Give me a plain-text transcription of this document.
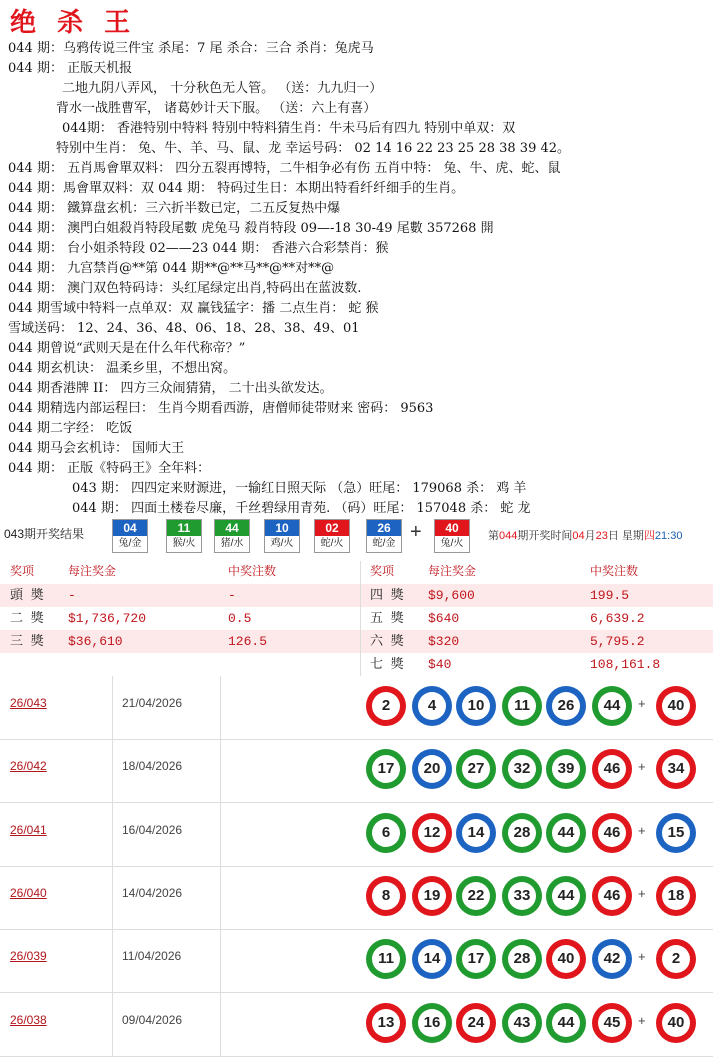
绝 杀 王
044 期：乌鸦传说三件宝 杀尾：7 尾 杀合：三合 杀肖：兔虎马
044 期： 正版天机报
二地九阴八弄风， 十分秋色无人管。 （送：九九归一）
背水一战胜曹军， 诸葛妙计天下服。 （送：六上有喜）
044期： 香港特别中特料 特别中特料猜生肖：牛未马后有四九 特别中单双：双
特别中生肖： 兔、牛、羊、马、鼠、龙 幸运号码： 02 14 16 22 23 25 28 38 39 42。
044 期： 五肖馬會單双料： 四分五裂再博特，二牛相争必有伤 五肖中特： 兔、牛、虎、蛇、鼠
044 期：馬會單双料：双 044 期： 特码过生日：本期出特看纤纤细手的生肖。
044 期： 鐵算盘玄机：三六折半数已定，二五反复热中爆
044 期： 澳門白姐殺肖特段尾數 虎兔马 殺肖特段 09—-18 30-49 尾數 357268 開
044 期： 台小姐杀特段 02——23 044 期： 香港六合彩禁肖：猴
044 期： 九宫禁肖@**第 044 期**@**马**@**对**@
044 期： 澳门双色特码诗：头红尾绿定出肖,特码出在蓝波数.
044 期雪域中特料一点单双：双 赢钱猛字：播 二点生肖： 蛇 猴
雪域送码： 12、24、36、48、06、18、28、38、49、01
044 期曾说“武则天是在什么年代称帝？”
044 期玄机诀： 温柔乡里，不想出窝。
044 期香港牌 II： 四方三众闹猜猜， 二十出头欲发达。
044 期精选内部运程曰： 生肖今期看西游，唐僧师徒带财来 密码： 9563
044 期二字经： 吃饭
044 期马会玄机诗： 国师大王
044 期： 正版《特码王》全年料：
043 期： 四四定来财源进，一输红日照天际 （急）旺尾： 179068 杀： 鸡 羊
044 期： 四面土楼卷尽廉，千丝碧绿用青苑. （码）旺尾： 157048 杀： 蛇 龙
043期开奖结果	04
兔/金
11
猴/火
44
猪/水
10
鸡/火
02
蛇/火
26
蛇/金
40
兔/火
+	第044期开奖时间04月23日 星期四21:30
奖项	每注奖金	中奖注数	奖项	每注奖金	中奖注数
頭 奬 -	-	四 獎 $9,600	199.5
二 獎 $1,736,720	0.5	五 獎 $640	6,639.2
三 獎 $36,610	126.5	六 獎 $320	5,795.2
七 獎 $40	108,161.8
26/043	21/04/2026	2	4	10	11	26	44	+	40
26/042	18/04/2026	17	20	27	32	39	46	+	34
26/041	16/04/2026	6	12	14	28	44	46	+	15
26/040	14/04/2026	8	19	22	33	44	46	+	18
26/039	11/04/2026	11	14	17	28	40	42	+	2
26/038	09/04/2026	13	16	24	43	44	45	+	40
